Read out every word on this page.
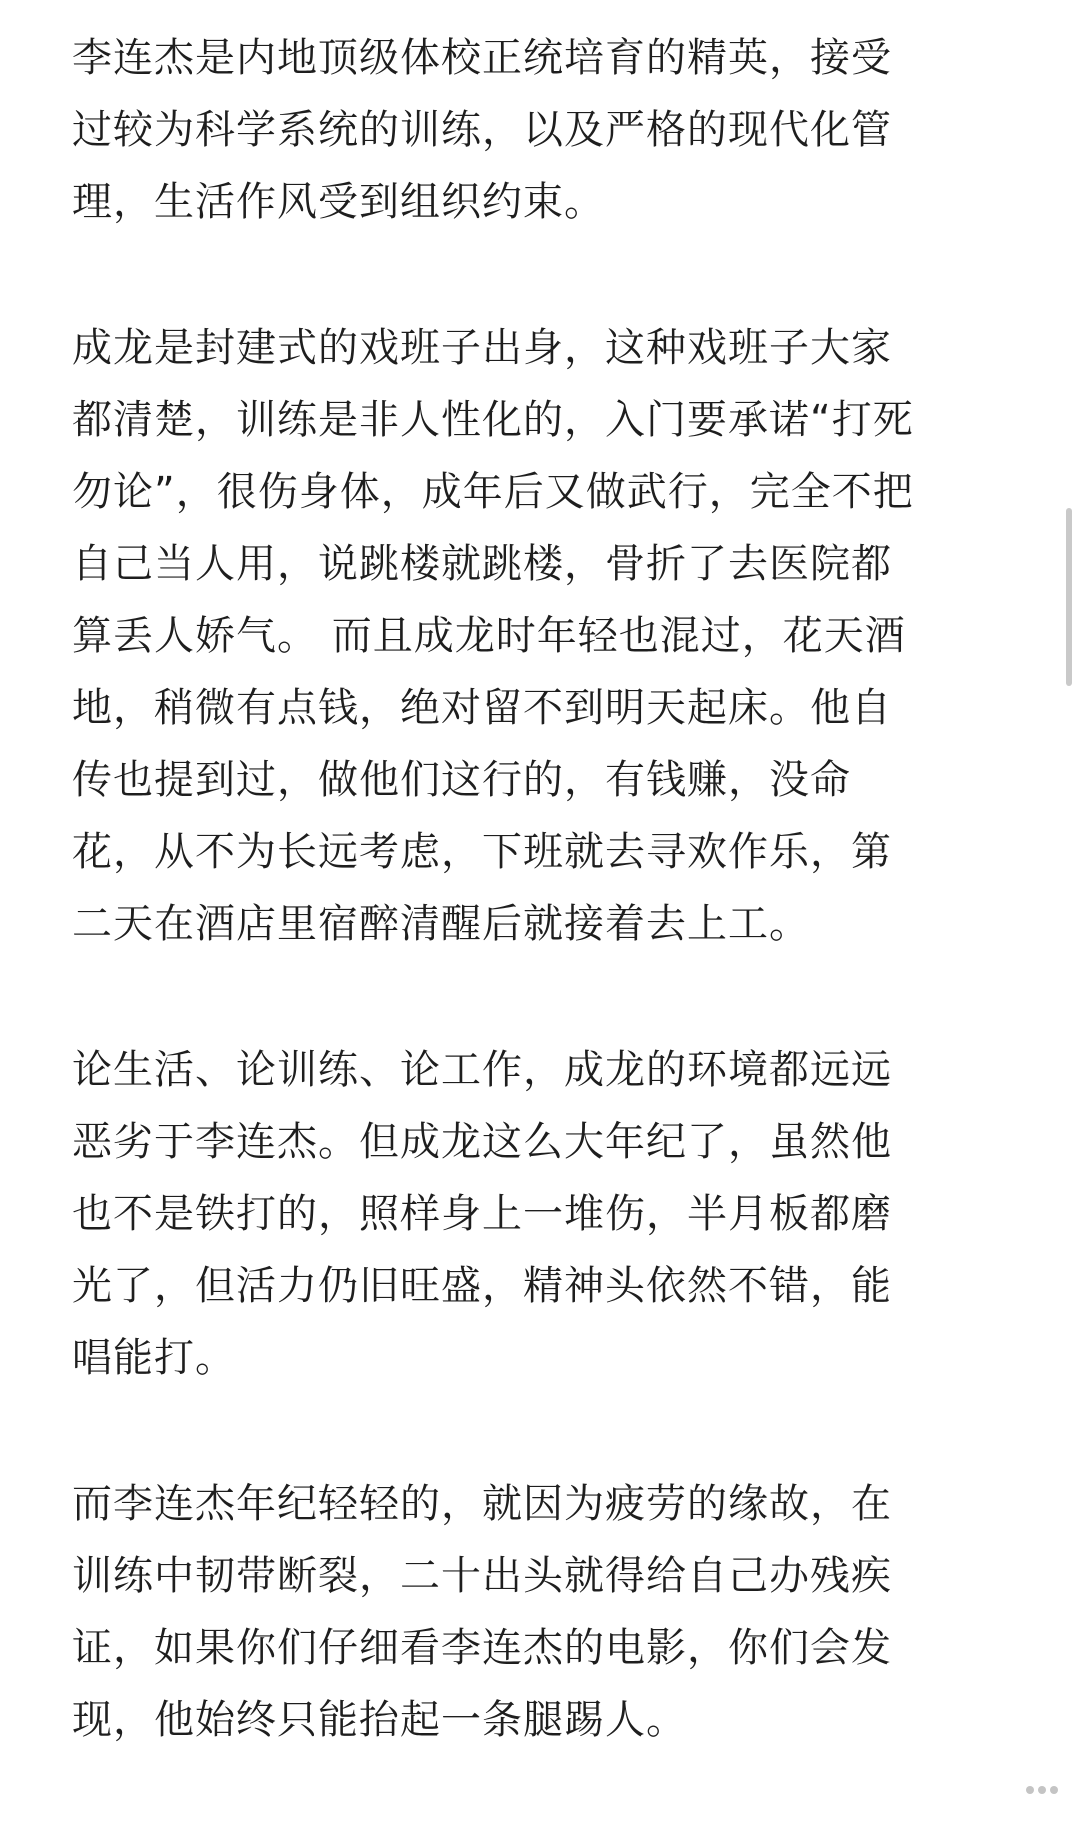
李连杰是内地顶级体校正统培育的精英，接受
过较为科学系统的训练，以及严格的现代化管
理，生活作风受到组织约束。
成龙是封建式的戏班子出身，这种戏班子大家
都清楚，训练是非人性化的，入门要承诺“打死
勿论”，很伤身体，成年后又做武行，完全不把
自己当人用，说跳楼就跳楼，骨折了去医院都
算丢人娇气。 而且成龙时年轻也混过，花天酒
地，稍微有点钱，绝对留不到明天起床。他自
传也提到过，做他们这行的，有钱赚，没命
花，从不为长远考虑，下班就去寻欢作乐，第
二天在酒店里宿醉清醒后就接着去上工。
论生活、论训练、论工作，成龙的环境都远远
恶劣于李连杰。但成龙这么大年纪了，虽然他
也不是铁打的，照样身上一堆伤，半月板都磨
光了，但活力仍旧旺盛，精神头依然不错，能
唱能打。
而李连杰年纪轻轻的，就因为疲劳的缘故，在
训练中韧带断裂，二十出头就得给自己办残疾
证，如果你们仔细看李连杰的电影，你们会发
现，他始终只能抬起一条腿踢人。
